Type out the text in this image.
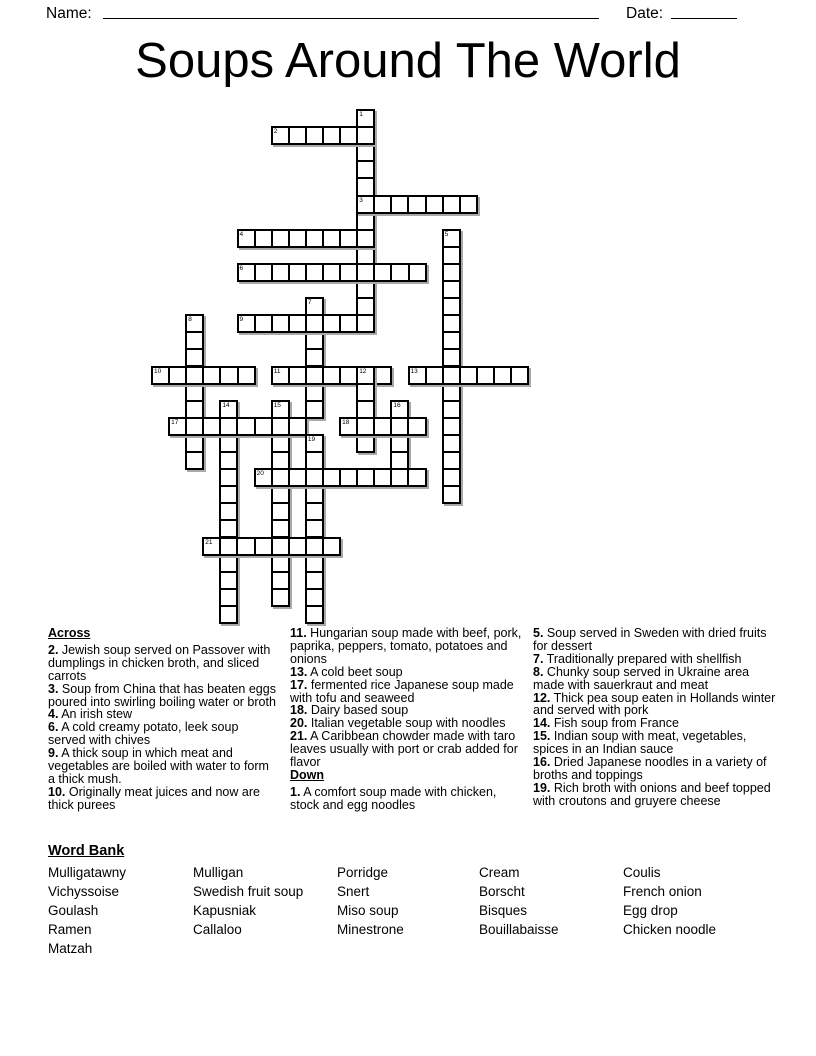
Name:	Date:
Soups Around The World
1
2
3
4	5
6
7
8	9
10	11	12	13
14	15	16
17	18
19
20
21
Across
2. Jewish soup served on Passover with dumplings in chicken broth, and sliced carrots
3. Soup from China that has beaten eggs poured into swirling boiling water or broth
4. An irish stew
6. A cold creamy potato, leek soup served with chives
9. A thick soup in which meat and vegetables are boiled with water to form a thick mush.
10. Originally meat juices and now are thick purees
11. Hungarian soup made with beef, pork, paprika, peppers, tomato, potatoes and onions
13. A cold beet soup
17. fermented rice Japanese soup made with tofu and seaweed
18. Dairy based soup
20. Italian vegetable soup with noodles
21. A Caribbean chowder made with taro leaves usually with port or crab added for flavor
Down
1. A comfort soup made with chicken, stock and egg noodles
5. Soup served in Sweden with dried fruits for dessert
7. Traditionally prepared with shellfish
8. Chunky soup served in Ukraine area made with sauerkraut and meat
12. Thick pea soup eaten in Hollands winter and served with pork
14. Fish soup from France
15. Indian soup with meat, vegetables, spices in an Indian sauce
16. Dried Japanese noodles in a variety of broths and toppings
19. Rich broth with onions and beef topped with croutons and gruyere cheese
Word Bank
Mulligatawny
Vichyssoise
Goulash
Ramen
Matzah
Mulligan
Swedish fruit soup
Kapusniak
Callaloo
Porridge
Snert
Miso soup
Minestrone
Cream
Borscht
Bisques
Bouillabaisse
Coulis
French onion
Egg drop
Chicken noodle
